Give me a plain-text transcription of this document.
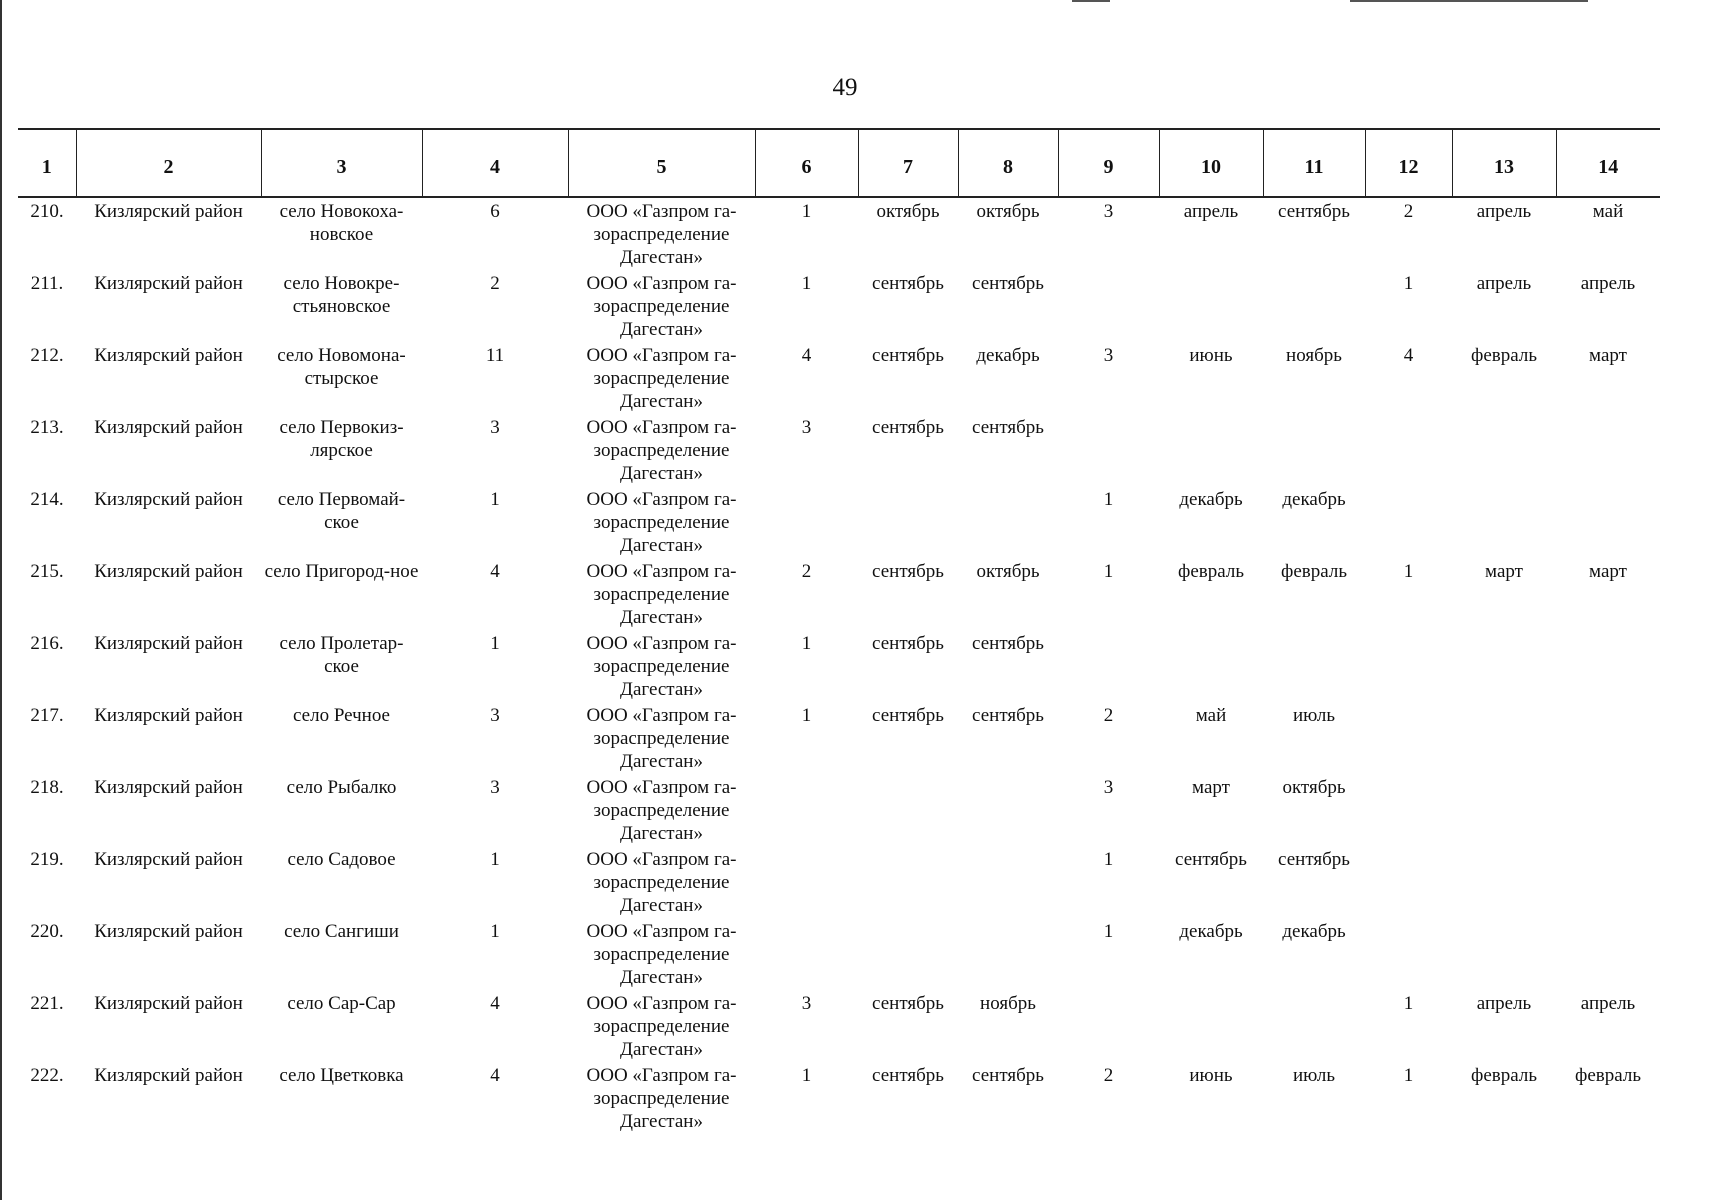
49
1	2	3	4	5	6	7	8	9	10	11	12	13	14
210.	Кизлярский район	село Новокоха-новское	6	ООО «Газпром га-зораспределение Дагестан»	1	октябрь	октябрь	3	апрель	сентябрь	2	апрель	май
211.	Кизлярский район	село Новокре-стьяновское	2	ООО «Газпром га-зораспределение Дагестан»	1	сентябрь	сентябрь				1	апрель	апрель
212.	Кизлярский район	село Новомона-стырское	11	ООО «Газпром га-зораспределение Дагестан»	4	сентябрь	декабрь	3	июнь	ноябрь	4	февраль	март
213.	Кизлярский район	село Первокиз-лярское	3	ООО «Газпром га-зораспределение Дагестан»	3	сентябрь	сентябрь						
214.	Кизлярский район	село Первомай-ское	1	ООО «Газпром га-зораспределение Дагестан»				1	декабрь	декабрь			
215.	Кизлярский район	село Пригород-ное	4	ООО «Газпром га-зораспределение Дагестан»	2	сентябрь	октябрь	1	февраль	февраль	1	март	март
216.	Кизлярский район	село Пролетар-ское	1	ООО «Газпром га-зораспределение Дагестан»	1	сентябрь	сентябрь						
217.	Кизлярский район	село Речное	3	ООО «Газпром га-зораспределение Дагестан»	1	сентябрь	сентябрь	2	май	июль			
218.	Кизлярский район	село Рыбалко	3	ООО «Газпром га-зораспределение Дагестан»				3	март	октябрь			
219.	Кизлярский район	село Садовое	1	ООО «Газпром га-зораспределение Дагестан»				1	сентябрь	сентябрь			
220.	Кизлярский район	село Сангиши	1	ООО «Газпром га-зораспределение Дагестан»				1	декабрь	декабрь			
221.	Кизлярский район	село Сар-Сар	4	ООО «Газпром га-зораспределение Дагестан»	3	сентябрь	ноябрь				1	апрель	апрель
222.	Кизлярский район	село Цветковка	4	ООО «Газпром га-зораспределение Дагестан»	1	сентябрь	сентябрь	2	июнь	июль	1	февраль	февраль
